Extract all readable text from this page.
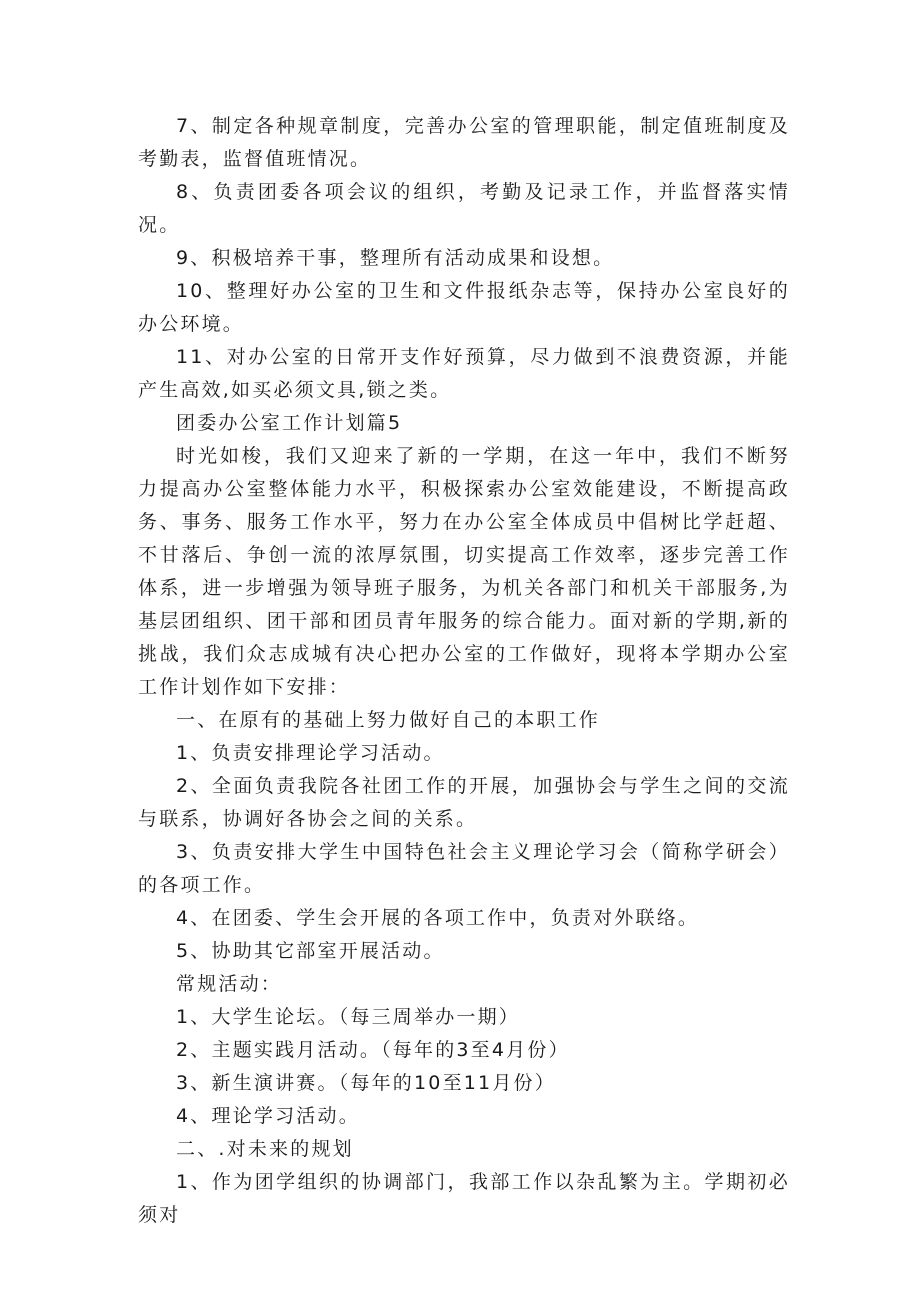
7、制定各种规章制度，完善办公室的管理职能，制定值班制度及考勤表，监督值班情况。

8、负责团委各项会议的组织，考勤及记录工作，并监督落实情况。

9、积极培养干事，整理所有活动成果和设想。

10、整理好办公室的卫生和文件报纸杂志等，保持办公室良好的办公环境。

11、对办公室的日常开支作好预算，尽力做到不浪费资源，并能产生高效,如买必须文具,锁之类。

团委办公室工作计划篇5

时光如梭，我们又迎来了新的一学期，在这一年中，我们不断努力提高办公室整体能力水平，积极探索办公室效能建设，不断提高政务、事务、服务工作水平，努力在办公室全体成员中倡树比学赶超、不甘落后、争创一流的浓厚氛围，切实提高工作效率，逐步完善工作体系，进一步增强为领导班子服务，为机关各部门和机关干部服务,为基层团组织、团干部和团员青年服务的综合能力。面对新的学期,新的挑战，我们众志成城有决心把办公室的工作做好，现将本学期办公室工作计划作如下安排：

一、在原有的基础上努力做好自己的本职工作

1、负责安排理论学习活动。

2、全面负责我院各社团工作的开展，加强协会与学生之间的交流与联系，协调好各协会之间的关系。

3、负责安排大学生中国特色社会主义理论学习会（简称学研会）的各项工作。

4、在团委、学生会开展的各项工作中，负责对外联络。

5、协助其它部室开展活动。

常规活动：

1、大学生论坛。（每三周举办一期）

2、主题实践月活动。（每年的3至4月份）

3、新生演讲赛。（每年的10至11月份）

4、理论学习活动。

二、.对未来的规划

1、作为团学组织的协调部门，我部工作以杂乱繁为主。学期初必须对
